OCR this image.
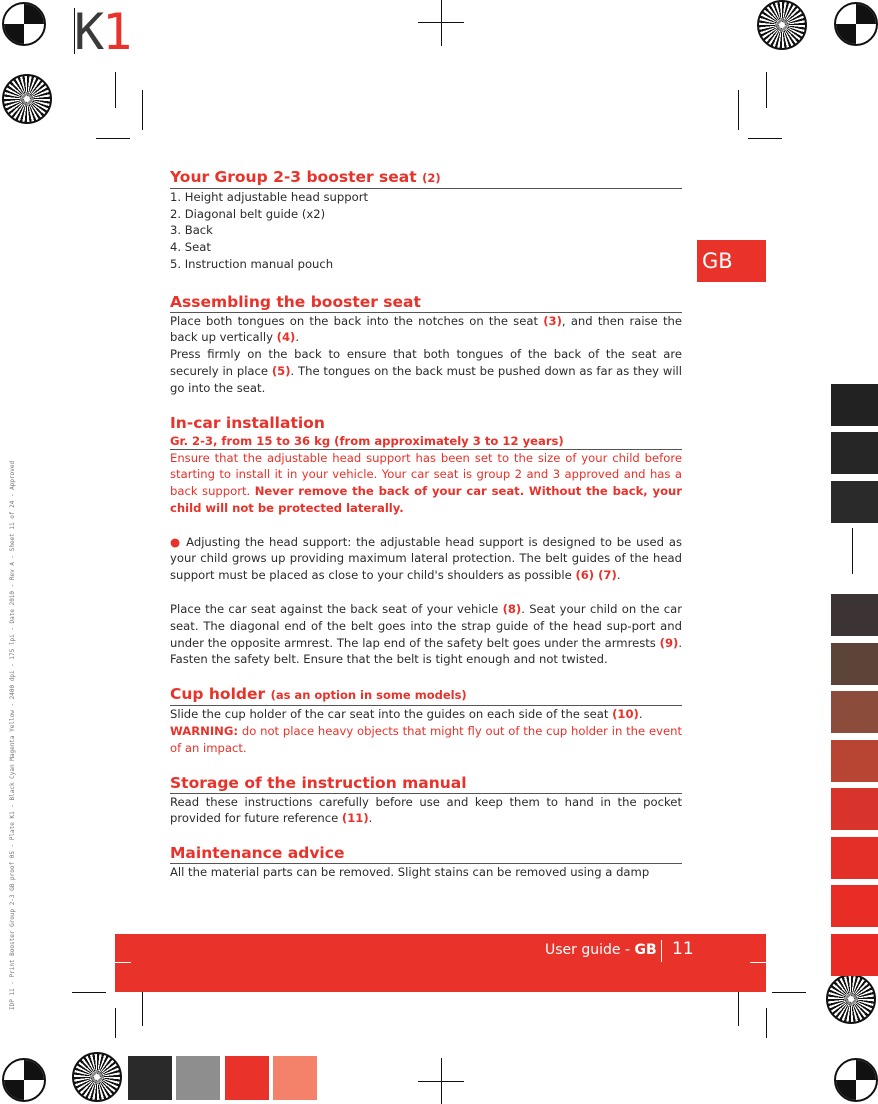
K1
IDP 11 - Print Booster Group 2-3 GB proof 05 - Plate K1 - Black Cyan Magenta Yellow - 2400 dpi - 175 lpi - Date 2010 - Rev A - Sheet 11 of 24 - Approved
GB
Your Group 2-3 booster seat (2)
1. Height adjustable head support
2. Diagonal belt guide (x2)
3. Back
4. Seat
5. Instruction manual pouch
Assembling the booster seat

Place both tongues on the back into the notches on the seat (3), and then raise the back up vertically (4).

Press firmly on the back to ensure that both tongues of the back of the seat are securely in place (5). The tongues on the back must be pushed down as far as they will go into the seat.

In-car installation
Gr. 2-3, from 15 to 36 kg (from approximately 3 to 12 years)

Ensure that the adjustable head support has been set to the size of your child before starting to install it in your vehicle. Your car seat is group 2 and 3 approved and has a back support. Never remove the back of your car seat. Without the back, your child will not be protected laterally.

● Adjusting the head support: the adjustable head support is designed to be used as your child grows up providing maximum lateral protection. The belt guides of the head support must be placed as close to your child's shoulders as possible (6) (7).

Place the car seat against the back seat of your vehicle (8). Seat your child on the car seat. The diagonal end of the belt goes into the strap guide of the head sup-port and under the opposite armrest. The lap end of the safety belt goes under the armrests (9). Fasten the safety belt. Ensure that the belt is tight enough and not twisted.

Cup holder (as an option in some models)

Slide the cup holder of the car seat into the guides on each side of the seat (10).

WARNING: do not place heavy objects that might fly out of the cup holder in the event of an impact.

Storage of the instruction manual

Read these instructions carefully before use and keep them to hand in the pocket provided for future reference (11).

Maintenance advice

All the material parts can be removed. Slight stains can be removed using a damp

User guide - GB 11
